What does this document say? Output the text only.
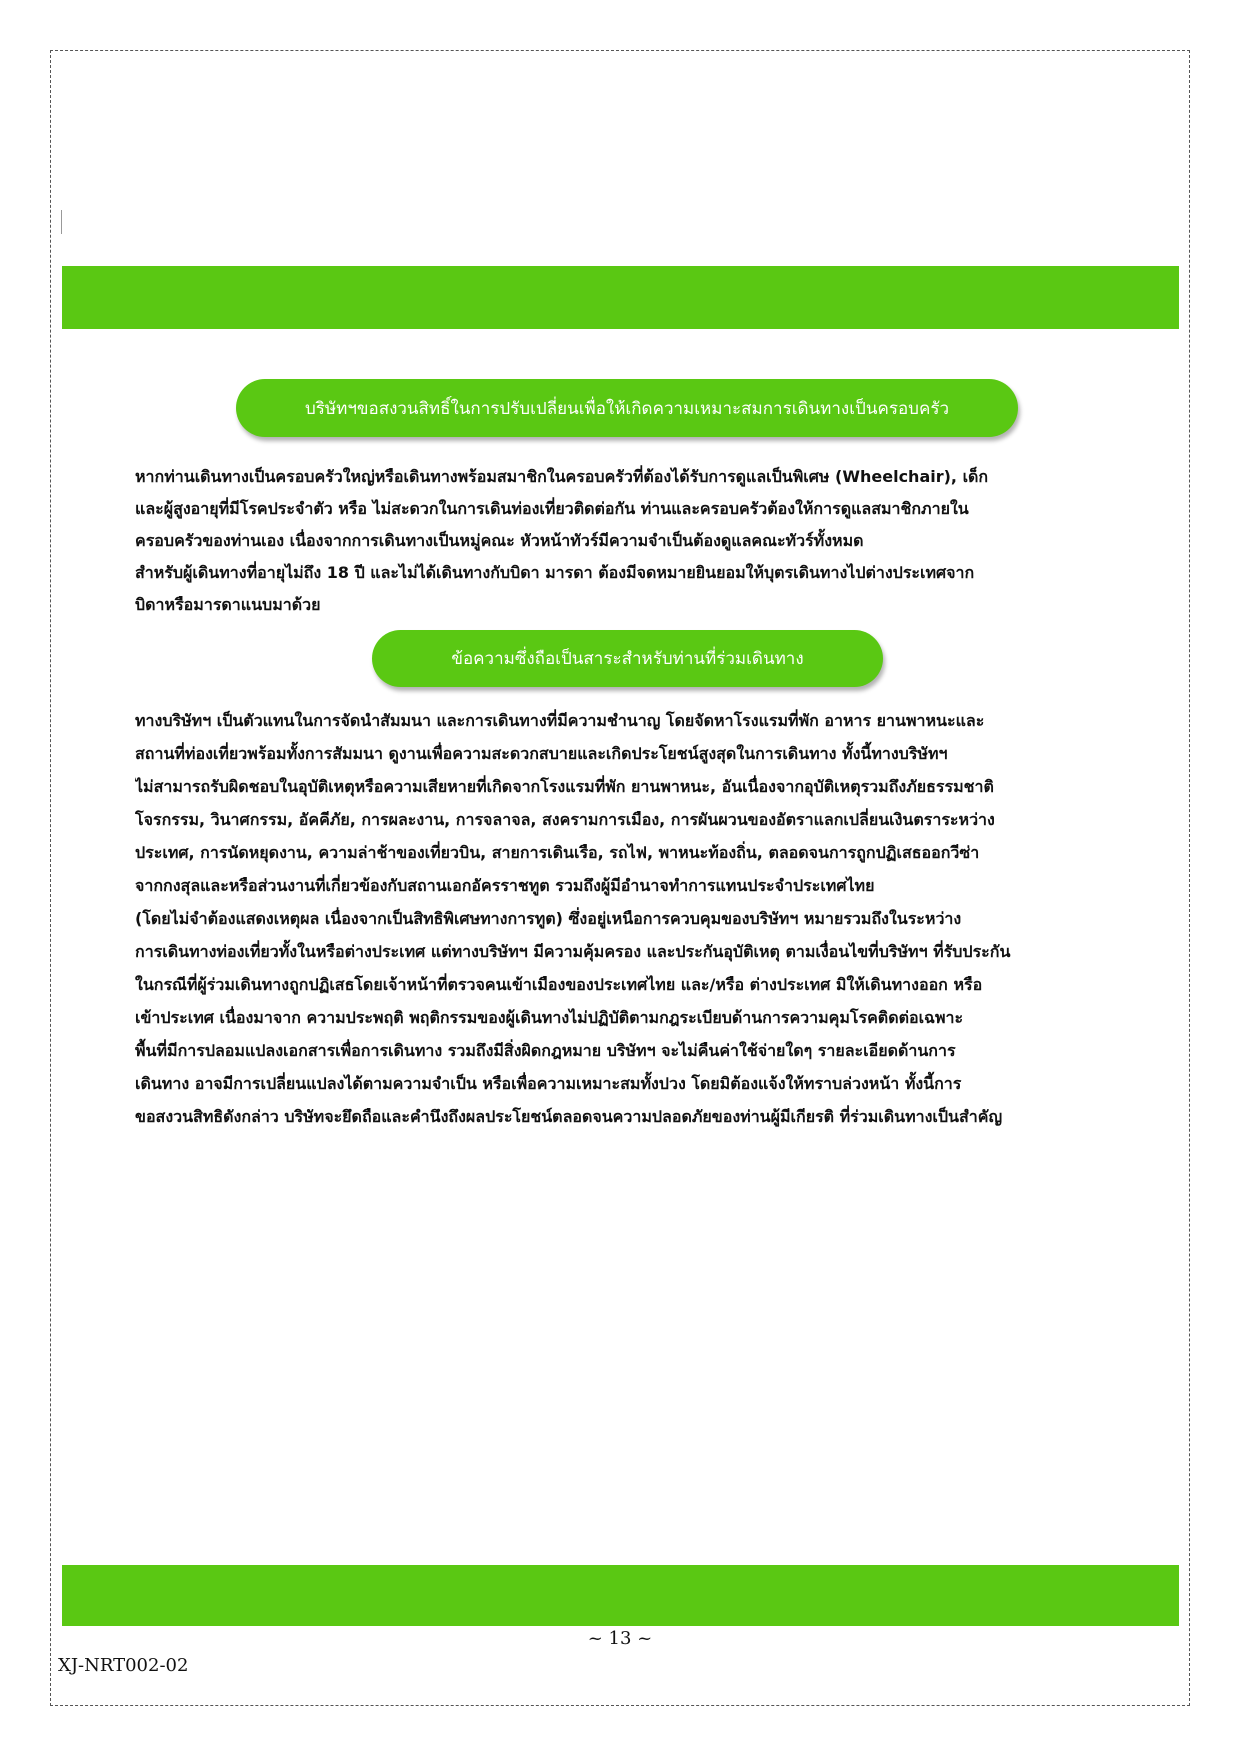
บริษัทฯขอสงวนสิทธิ์ในการปรับเปลี่ยนเพื่อให้เกิดความเหมาะสมการเดินทางเป็นครอบครัว
หากท่านเดินทางเป็นครอบครัวใหญ่หรือเดินทางพร้อมสมาชิกในครอบครัวที่ต้องได้รับการดูแลเป็นพิเศษ (Wheelchair), เด็ก
และผู้สูงอายุที่มีโรคประจำตัว หรือ ไม่สะดวกในการเดินท่องเที่ยวติดต่อกัน ท่านและครอบครัวต้องให้การดูแลสมาชิกภายใน
ครอบครัวของท่านเอง เนื่องจากการเดินทางเป็นหมู่คณะ หัวหน้าทัวร์มีความจำเป็นต้องดูแลคณะทัวร์ทั้งหมด
สำหรับผู้เดินทางที่อายุไม่ถึง 18 ปี และไม่ได้เดินทางกับบิดา มารดา ต้องมีจดหมายยินยอมให้บุตรเดินทางไปต่างประเทศจาก
บิดาหรือมารดาแนบมาด้วย
ข้อความซึ่งถือเป็นสาระสำหรับท่านที่ร่วมเดินทาง
ทางบริษัทฯ เป็นตัวแทนในการจัดนำสัมมนา และการเดินทางที่มีความชำนาญ โดยจัดหาโรงแรมที่พัก อาหาร ยานพาหนะและ
สถานที่ท่องเที่ยวพร้อมทั้งการสัมมนา ดูงานเพื่อความสะดวกสบายและเกิดประโยชน์สูงสุดในการเดินทาง ทั้งนี้ทางบริษัทฯ
ไม่สามารถรับผิดชอบในอุบัติเหตุหรือความเสียหายที่เกิดจากโรงแรมที่พัก ยานพาหนะ, อันเนื่องจากอุบัติเหตุรวมถึงภัยธรรมชาติ
โจรกรรม, วินาศกรรม, อัคคีภัย, การผละงาน, การจลาจล, สงครามการเมือง, การผันผวนของอัตราแลกเปลี่ยนเงินตราระหว่าง
ประเทศ, การนัดหยุดงาน, ความล่าช้าของเที่ยวบิน, สายการเดินเรือ, รถไฟ, พาหนะท้องถิ่น, ตลอดจนการถูกปฏิเสธออกวีซ่า
จากกงสุลและหรือส่วนงานที่เกี่ยวข้องกับสถานเอกอัครราชทูต รวมถึงผู้มีอำนาจทำการแทนประจำประเทศไทย
(โดยไม่จำต้องแสดงเหตุผล เนื่องจากเป็นสิทธิพิเศษทางการทูต) ซึ่งอยู่เหนือการควบคุมของบริษัทฯ หมายรวมถึงในระหว่าง
การเดินทางท่องเที่ยวทั้งในหรือต่างประเทศ แต่ทางบริษัทฯ มีความคุ้มครอง และประกันอุบัติเหตุ ตามเงื่อนไขที่บริษัทฯ ที่รับประกัน
ในกรณีที่ผู้ร่วมเดินทางถูกปฏิเสธโดยเจ้าหน้าที่ตรวจคนเข้าเมืองของประเทศไทย และ/หรือ ต่างประเทศ มิให้เดินทางออก หรือ
เข้าประเทศ เนื่องมาจาก ความประพฤติ พฤติกรรมของผู้เดินทางไม่ปฏิบัติตามกฎระเบียบด้านการความคุมโรคติดต่อเฉพาะ
พื้นที่มีการปลอมแปลงเอกสารเพื่อการเดินทาง รวมถึงมีสิ่งผิดกฎหมาย บริษัทฯ จะไม่คืนค่าใช้จ่ายใดๆ รายละเอียดด้านการ
เดินทาง อาจมีการเปลี่ยนแปลงได้ตามความจำเป็น หรือเพื่อความเหมาะสมทั้งปวง โดยมิต้องแจ้งให้ทราบล่วงหน้า ทั้งนี้การ
ขอสงวนสิทธิดังกล่าว บริษัทจะยึดถือและคำนึงถึงผลประโยชน์ตลอดจนความปลอดภัยของท่านผู้มีเกียรติ ที่ร่วมเดินทางเป็นสำคัญ
~ 13 ~
XJ-NRT002-02
